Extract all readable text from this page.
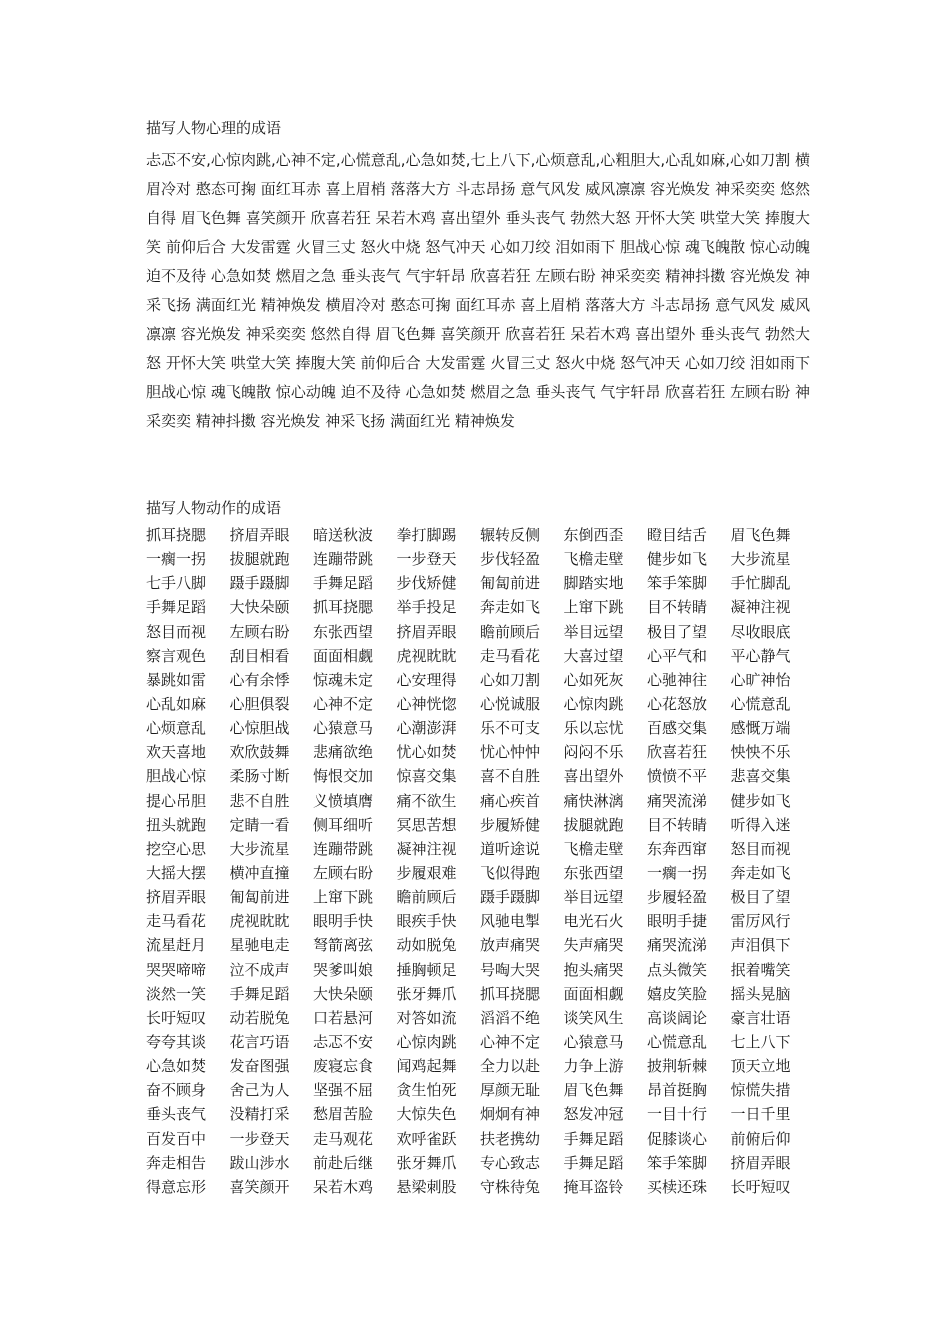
描写人物心理的成语

忐忑不安,心惊肉跳,心神不定,心慌意乱,心急如焚,七上八下,心烦意乱,心粗胆大,心乱如麻,心如刀割 横眉冷对 憨态可掬 面红耳赤 喜上眉梢 落落大方 斗志昂扬 意气风发 威风凛凛 容光焕发 神采奕奕 悠然自得 眉飞色舞 喜笑颜开 欣喜若狂 呆若木鸡 喜出望外 垂头丧气 勃然大怒 开怀大笑 哄堂大笑 捧腹大笑 前仰后合 大发雷霆 火冒三丈 怒火中烧 怒气冲天 心如刀绞 泪如雨下 胆战心惊 魂飞魄散 惊心动魄 迫不及待 心急如焚 燃眉之急 垂头丧气 气宇轩昂 欣喜若狂 左顾右盼 神采奕奕 精神抖擞 容光焕发 神采飞扬 满面红光 精神焕发 横眉冷对 憨态可掬 面红耳赤 喜上眉梢 落落大方 斗志昂扬 意气风发 威风凛凛 容光焕发 神采奕奕 悠然自得 眉飞色舞 喜笑颜开 欣喜若狂 呆若木鸡 喜出望外 垂头丧气 勃然大怒 开怀大笑 哄堂大笑 捧腹大笑 前仰后合 大发雷霆 火冒三丈 怒火中烧 怒气冲天 心如刀绞 泪如雨下 胆战心惊 魂飞魄散 惊心动魄 迫不及待 心急如焚 燃眉之急 垂头丧气 气宇轩昂 欣喜若狂 左顾右盼 神采奕奕 精神抖擞 容光焕发 神采飞扬 满面红光 精神焕发

描写人物动作的成语
抓耳挠腮	挤眉弄眼	暗送秋波	拳打脚踢	辗转反侧	东倒西歪	瞪目结舌	眉飞色舞
一瘸一拐	拔腿就跑	连蹦带跳	一步登天	步伐轻盈	飞檐走壁	健步如飞	大步流星
七手八脚	蹑手蹑脚	手舞足蹈	步伐矫健	匍匐前进	脚踏实地	笨手笨脚	手忙脚乱
手舞足蹈	大快朵颐	抓耳挠腮	举手投足	奔走如飞	上窜下跳	目不转睛	凝神注视
怒目而视	左顾右盼	东张西望	挤眉弄眼	瞻前顾后	举目远望	极目了望	尽收眼底
察言观色	刮目相看	面面相觑	虎视眈眈	走马看花	大喜过望	心平气和	平心静气
暴跳如雷	心有余悸	惊魂未定	心安理得	心如刀割	心如死灰	心驰神往	心旷神怡
心乱如麻	心胆俱裂	心神不定	心神恍惚	心悦诚服	心惊肉跳	心花怒放	心慌意乱
心烦意乱	心惊胆战	心猿意马	心潮澎湃	乐不可支	乐以忘忧	百感交集	感慨万端
欢天喜地	欢欣鼓舞	悲痛欲绝	忧心如焚	忧心忡忡	闷闷不乐	欣喜若狂	怏怏不乐
胆战心惊	柔肠寸断	悔恨交加	惊喜交集	喜不自胜	喜出望外	愤愤不平	悲喜交集
提心吊胆	悲不自胜	义愤填膺	痛不欲生	痛心疾首	痛快淋漓	痛哭流涕	健步如飞
扭头就跑	定睛一看	侧耳细听	冥思苦想	步履矫健	拔腿就跑	目不转睛	听得入迷
挖空心思	大步流星	连蹦带跳	凝神注视	道听途说	飞檐走壁	东奔西窜	怒目而视
大摇大摆	横冲直撞	左顾右盼	步履艰难	飞似得跑	东张西望	一瘸一拐	奔走如飞
挤眉弄眼	匍匐前进	上窜下跳	瞻前顾后	蹑手蹑脚	举目远望	步履轻盈	极目了望
走马看花	虎视眈眈	眼明手快	眼疾手快	风驰电掣	电光石火	眼明手捷	雷厉风行
流星赶月	星驰电走	弩箭离弦	动如脱兔	放声痛哭	失声痛哭	痛哭流涕	声泪俱下
哭哭啼啼	泣不成声	哭爹叫娘	捶胸顿足	号啕大哭	抱头痛哭	点头微笑	抿着嘴笑
淡然一笑	手舞足蹈	大快朵颐	张牙舞爪	抓耳挠腮	面面相觑	嬉皮笑脸	摇头晃脑
长吁短叹	动若脱兔	口若悬河	对答如流	滔滔不绝	谈笑风生	高谈阔论	豪言壮语
夸夸其谈	花言巧语	忐忑不安	心惊肉跳	心神不定	心猿意马	心慌意乱	七上八下
心急如焚	发奋图强	废寝忘食	闻鸡起舞	全力以赴	力争上游	披荆斩棘	顶天立地
奋不顾身	舍己为人	坚强不屈	贪生怕死	厚颜无耻	眉飞色舞	昂首挺胸	惊慌失措
垂头丧气	没精打采	愁眉苦脸	大惊失色	炯炯有神	怒发冲冠	一目十行	一日千里
百发百中	一步登天	走马观花	欢呼雀跃	扶老携幼	手舞足蹈	促膝谈心	前俯后仰
奔走相告	跋山涉水	前赴后继	张牙舞爪	专心致志	手舞足蹈	笨手笨脚	挤眉弄眼
得意忘形	喜笑颜开	呆若木鸡	悬梁刺股	守株待兔	掩耳盗铃	买椟还珠	长吁短叹
